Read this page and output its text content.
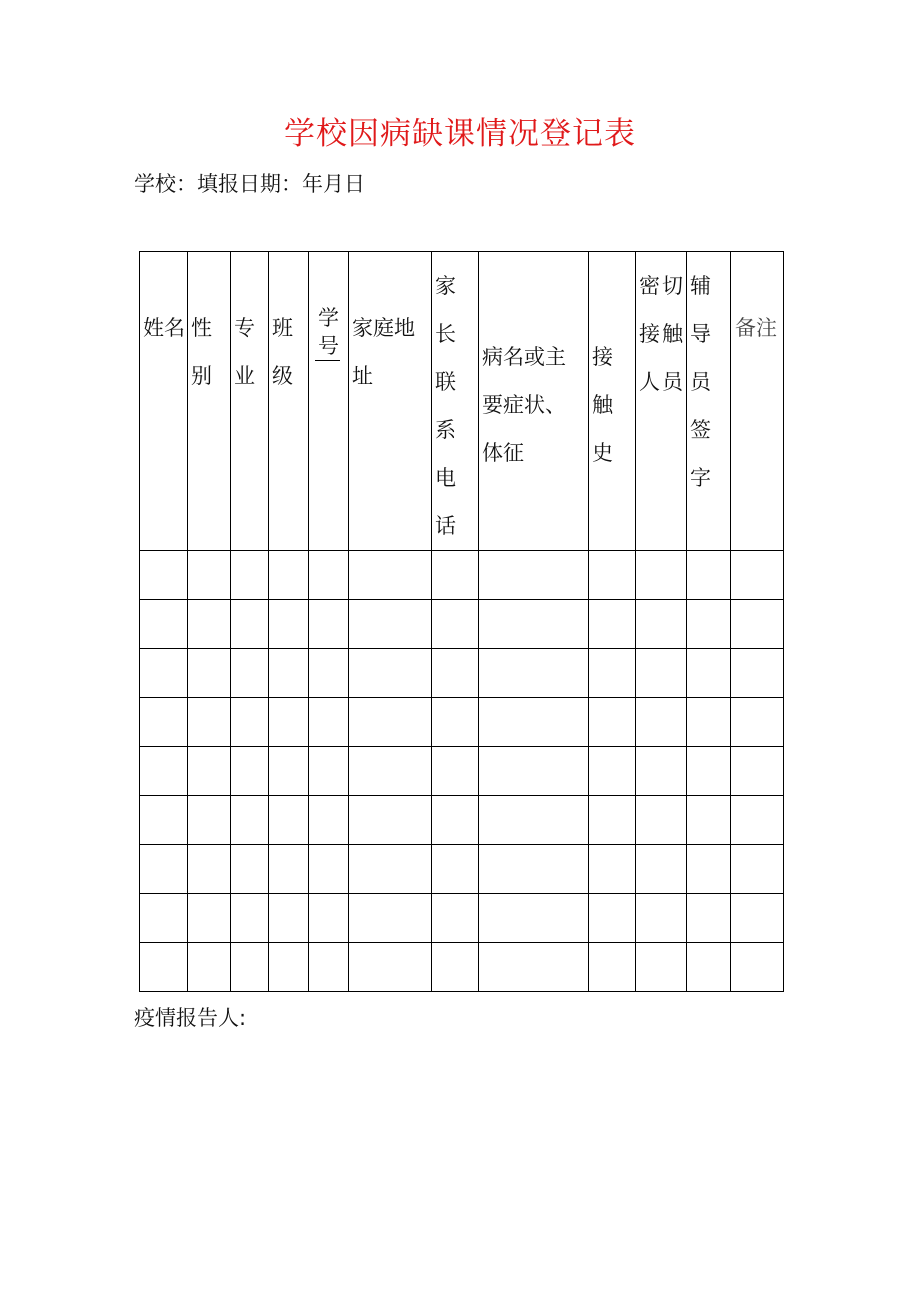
学校因病缺课情况登记表
学校：填报日期：年月日
姓名	性别	专业	班级	学号	家庭地址	家长联系电话	病名或主要症状、体征	接触史	密切接触人员	辅导员签字	备注

疫情报告人:
